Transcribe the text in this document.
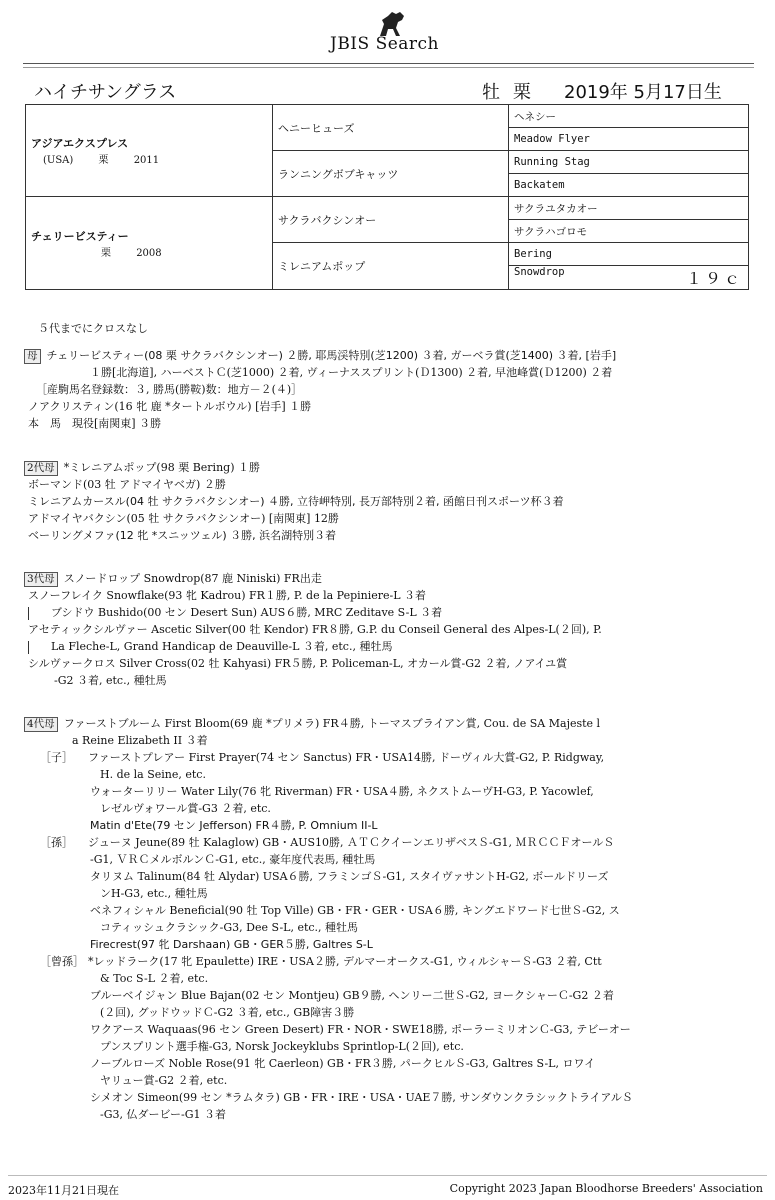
JBIS Search
ハイチサングラス	牡 栗 2019年 5月17日生
アジアエクスプレス
(USA) 栗 2011	ヘニーヒューズ	ヘネシー
		Meadow Flyer
	ランニングボブキャッツ	Running Stag
		Backatem

チェリービスティー
栗 2008	サクラバクシンオー	サクラユタカオー
		サクラハゴロモ
	ミレニアムポップ	Bering
		Snowdrop １９ｃ
５代までにクロスなし
母 チェリービスティー(08 栗 サクラバクシンオー) ２勝, 耶馬渓特別(芝1200) ３着, ガーベラ賞(芝1400) ３着, [岩手]
１勝[北海道], ハーベストＣ(芝1000) ２着, ヴィーナススプリント(Ｄ1300) ２着, 早池峰賞(Ｄ1200) ２着
［産駒馬名登録数：３, 勝馬(勝鞍)数：地方－２(４)］
ノアクリスティン(16 牝 鹿 *タートルボウル) [岩手] １勝
本　馬　現役[南関東] ３勝
2代母 *ミレニアムポップ(98 栗 Bering) １勝
ボーマンド(03 牡 アドマイヤベガ) ２勝
ミレニアムカースル(04 牡 サクラバクシンオー) ４勝, 立待岬特別, 長万部特別２着, 函館日刊スポーツ杯３着
アドマイヤバクシン(05 牡 サクラバクシンオー) [南関東] 12勝
ベーリングメファ(12 牝 *スニッツェル) ３勝, 浜名湖特別３着
3代母 スノードロップ Snowdrop(87 鹿 Niniski) FR出走
スノーフレイク Snowflake(93 牝 Kadrou) FR１勝, P. de la Pepiniere-L ３着
ブシドウ Bushido(00 セン Desert Sun) AUS６勝, MRC Zeditave S-L ３着
アセティックシルヴァー Ascetic Silver(00 牡 Kendor) FR８勝, G.P. du Conseil General des Alpes-L(２回), P.
La Fleche-L, Grand Handicap de Deauville-L ３着, etc., 種牡馬
シルヴァークロス Silver Cross(02 牡 Kahyasi) FR５勝, P. Policeman-L, オカール賞-G2 ２着, ノアイユ賞
-G2 ３着, etc., 種牡馬
4代母 ファーストブルーム First Bloom(69 鹿 *プリメラ) FR４勝, トーマスブライアン賞, Cou. de SA Majeste l
a Reine Elizabeth II ３着
［子］ ファーストプレアー First Prayer(74 セン Sanctus) FR・USA14勝, ドーヴィル大賞-G2, P. Ridgway,
H. de la Seine, etc.
ウォーターリリー Water Lily(76 牝 Riverman) FR・USA４勝, ネクストムーヴH-G3, P. Yacowlef,
レゼルヴォワール賞-G3 ２着, etc.
Matin d'Ete(79 セン Jefferson) FR４勝, P. Omnium II-L
［孫］ ジューヌ Jeune(89 牡 Kalaglow) GB・AUS10勝, ＡＴＣクイーンエリザベスＳ-G1, ＭＲＣＣＦオールＳ
-G1, ＶＲＣメルボルンＣ-G1, etc., 豪年度代表馬, 種牡馬
タリヌム Talinum(84 牡 Alydar) USA６勝, フラミンゴＳ-G1, スタイヴァサントH-G2, ボールドリーズ
ンH-G3, etc., 種牡馬
ベネフィシャル Beneficial(90 牡 Top Ville) GB・FR・GER・USA６勝, キングエドワード七世Ｓ-G2, ス
コティッシュクラシック-G3, Dee S-L, etc., 種牡馬
Firecrest(97 牝 Darshaan) GB・GER５勝, Galtres S-L
［曾孫］ *レッドラーク(17 牝 Epaulette) IRE・USA２勝, デルマーオークス-G1, ウィルシャーＳ-G3 ２着, Ctt
& Toc S-L ２着, etc.
ブルーベイジャン Blue Bajan(02 セン Montjeu) GB９勝, ヘンリー二世Ｓ-G2, ヨークシャーＣ-G2 ２着
(２回), グッドウッドＣ-G2 ３着, etc., GB障害３勝
ワクアース Waquaas(96 セン Green Desert) FR・NOR・SWE18勝, ポーラーミリオンＣ-G3, テビーオー
プンスプリント選手権-G3, Norsk Jockeyklubs Sprintlop-L(２回), etc.
ノーブルローズ Noble Rose(91 牝 Caerleon) GB・FR３勝, パークヒルＳ-G3, Galtres S-L, ロワイ
ヤリュー賞-G2 ２着, etc.
シメオン Simeon(99 セン *ラムタラ) GB・FR・IRE・USA・UAE７勝, サンダウンクラシックトライアルＳ
-G3, 仏ダービー-G1 ３着
2023年11月21日現在	Copyright 2023 Japan Bloodhorse Breeders' Association
